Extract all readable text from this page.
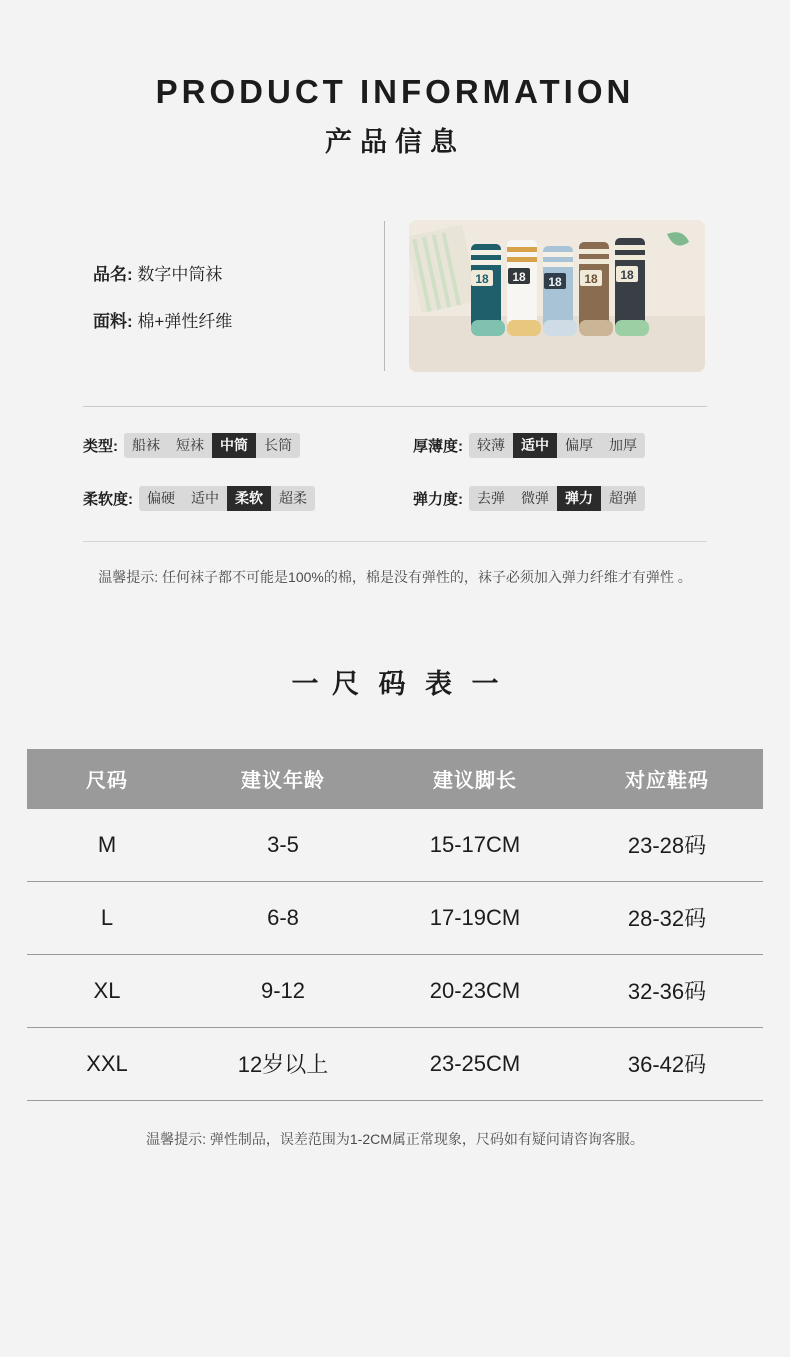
PRODUCT INFORMATION
产品信息
品名: 数字中筒袜
面料: 棉+弹性纤维
18 18 18 18 18
类型:	船袜	短袜	中筒	长筒	厚薄度:	较薄	适中	偏厚	加厚
柔软度:	偏硬	适中	柔软	超柔	弹力度:	去弹	微弹	弹力	超弹
温馨提示: 任何袜子都不可能是100%的棉，棉是没有弹性的，袜子必须加入弹力纤维才有弹性 。
一 尺 码 表 一
尺码	建议年龄	建议脚长	对应鞋码
M	3-5	15-17CM	23-28码
L	6-8	17-19CM	28-32码
XL	9-12	20-23CM	32-36码
XXL	12岁以上	23-25CM	36-42码
温馨提示: 弹性制品，误差范围为1-2CM属正常现象，尺码如有疑问请咨询客服。
